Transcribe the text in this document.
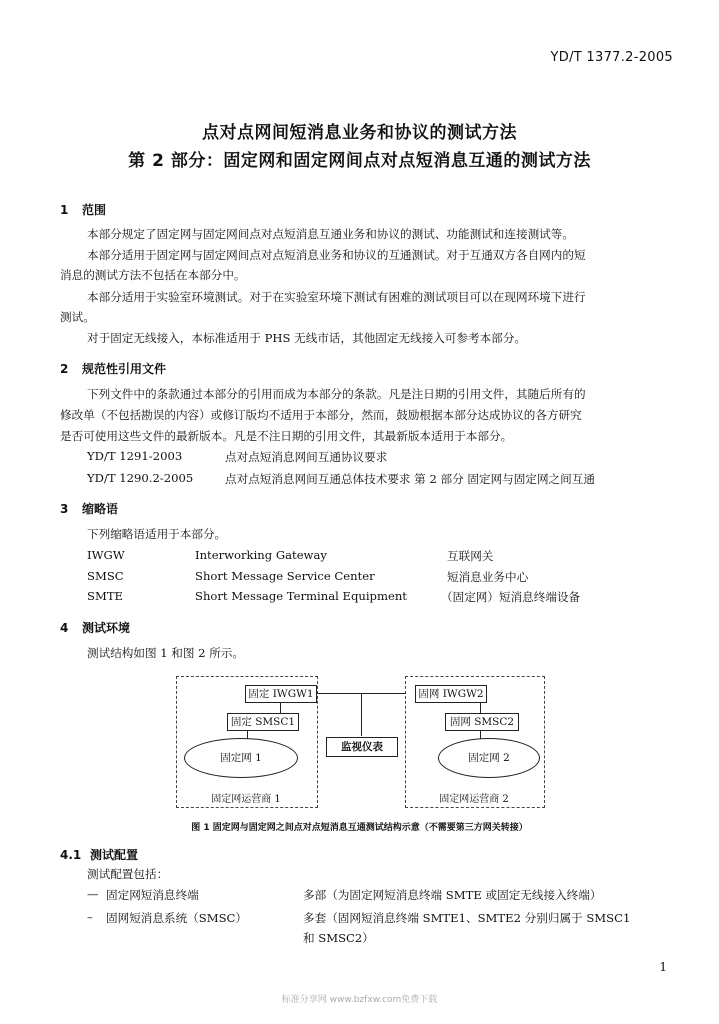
YD/T 1377.2-2005
点对点网间短消息业务和协议的测试方法
第 2 部分：固定网和固定网间点对点短消息互通的测试方法
1 范围
本部分规定了固定网与固定网间点对点短消息互通业务和协议的测试、功能测试和连接测试等。
本部分适用于固定网与固定网间点对点短消息业务和协议的互通测试。对于互通双方各自网内的短
消息的测试方法不包括在本部分中。
本部分适用于实验室环境测试。对于在实验室环境下测试有困难的测试项目可以在现网环境下进行
测试。
对于固定无线接入，本标准适用于 PHS 无线市话，其他固定无线接入可参考本部分。
2 规范性引用文件
下列文件中的条款通过本部分的引用而成为本部分的条款。凡是注日期的引用文件，其随后所有的
修改单（不包括勘误的内容）或修订版均不适用于本部分，然而，鼓励根据本部分达成协议的各方研究
是否可使用这些文件的最新版本。凡是不注日期的引用文件，其最新版本适用于本部分。
YD/T 1291-2003	点对点短消息网间互通协议要求
YD/T 1290.2-2005	点对点短消息网间互通总体技术要求 第 2 部分 固定网与固定网之间互通
3 缩略语
下列缩略语适用于本部分。
IWGW	Interworking Gateway	互联网关
SMSC	Short Message Service Center	短消息业务中心
SMTE	Short Message Terminal Equipment	（固定网）短消息终端设备
4 测试环境
测试结构如图 1 和图 2 所示。
固定 IWGW1
固定 SMSC1
固定网 1
固定网运营商 1
监视仪表
固网 IWGW2
固网 SMSC2
固定网 2
固定网运营商 2
图 1 固定网与固定网之间点对点短消息互通测试结构示意（不需要第三方网关转接）
4.1 测试配置
测试配置包括：
— 固定网短消息终端	多部（为固定网短消息终端 SMTE 或固定无线接入终端）
– 固网短消息系统（SMSC）	多套（固网短消息终端 SMTE1、SMTE2 分别归属于 SMSC1
和 SMSC2）
1
标准分享网 www.bzfxw.com免费下载
